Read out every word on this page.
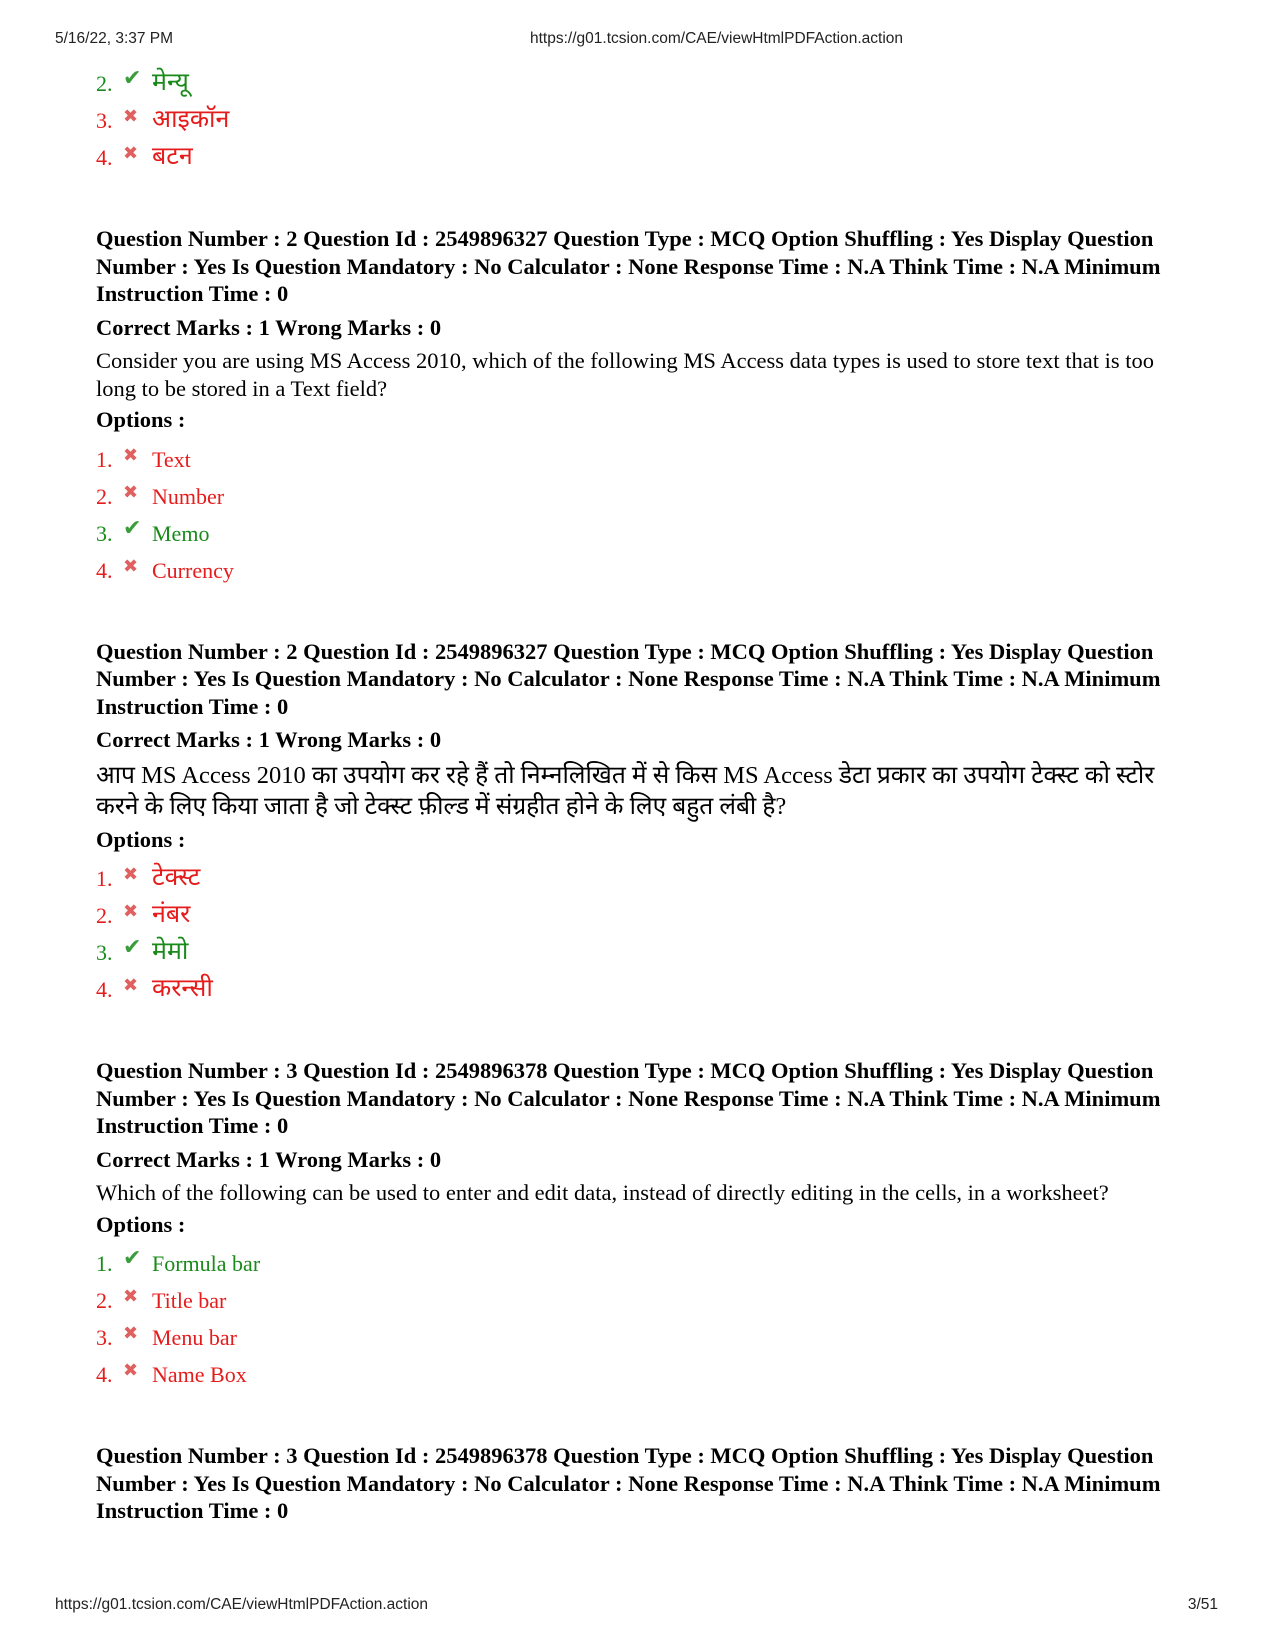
5/16/22, 3:37 PM	https://g01.tcsion.com/CAE/viewHtmlPDFAction.action
2. ✔ मेन्यू
3. ✖ आइकॉन
4. ✖ बटन

Question Number : 2 Question Id : 2549896327 Question Type : MCQ Option Shuffling : Yes Display Question Number : Yes Is Question Mandatory : No Calculator : None Response Time : N.A Think Time : N.A Minimum Instruction Time : 0

Correct Marks : 1 Wrong Marks : 0
Consider you are using MS Access 2010, which of the following MS Access data types is used to store text that is too long to be stored in a Text field?
Options :
1. ✖ Text
2. ✖ Number
3. ✔ Memo
4. ✖ Currency

Question Number : 2 Question Id : 2549896327 Question Type : MCQ Option Shuffling : Yes Display Question Number : Yes Is Question Mandatory : No Calculator : None Response Time : N.A Think Time : N.A Minimum Instruction Time : 0

Correct Marks : 1 Wrong Marks : 0
आप MS Access 2010 का उपयोग कर रहे हैं तो निम्नलिखित में से किस MS Access डेटा प्रकार का उपयोग टेक्स्ट को स्टोर करने के लिए किया जाता है जो टेक्स्ट फ़ील्ड में संग्रहीत होने के लिए बहुत लंबी है?
Options :
1. ✖ टेक्स्ट
2. ✖ नंबर
3. ✔ मेमो
4. ✖ करन्सी

Question Number : 3 Question Id : 2549896378 Question Type : MCQ Option Shuffling : Yes Display Question Number : Yes Is Question Mandatory : No Calculator : None Response Time : N.A Think Time : N.A Minimum Instruction Time : 0

Correct Marks : 1 Wrong Marks : 0
Which of the following can be used to enter and edit data, instead of directly editing in the cells, in a worksheet?
Options :
1. ✔ Formula bar
2. ✖ Title bar
3. ✖ Menu bar
4. ✖ Name Box

Question Number : 3 Question Id : 2549896378 Question Type : MCQ Option Shuffling : Yes Display Question Number : Yes Is Question Mandatory : No Calculator : None Response Time : N.A Think Time : N.A Minimum Instruction Time : 0

https://g01.tcsion.com/CAE/viewHtmlPDFAction.action	3/51
